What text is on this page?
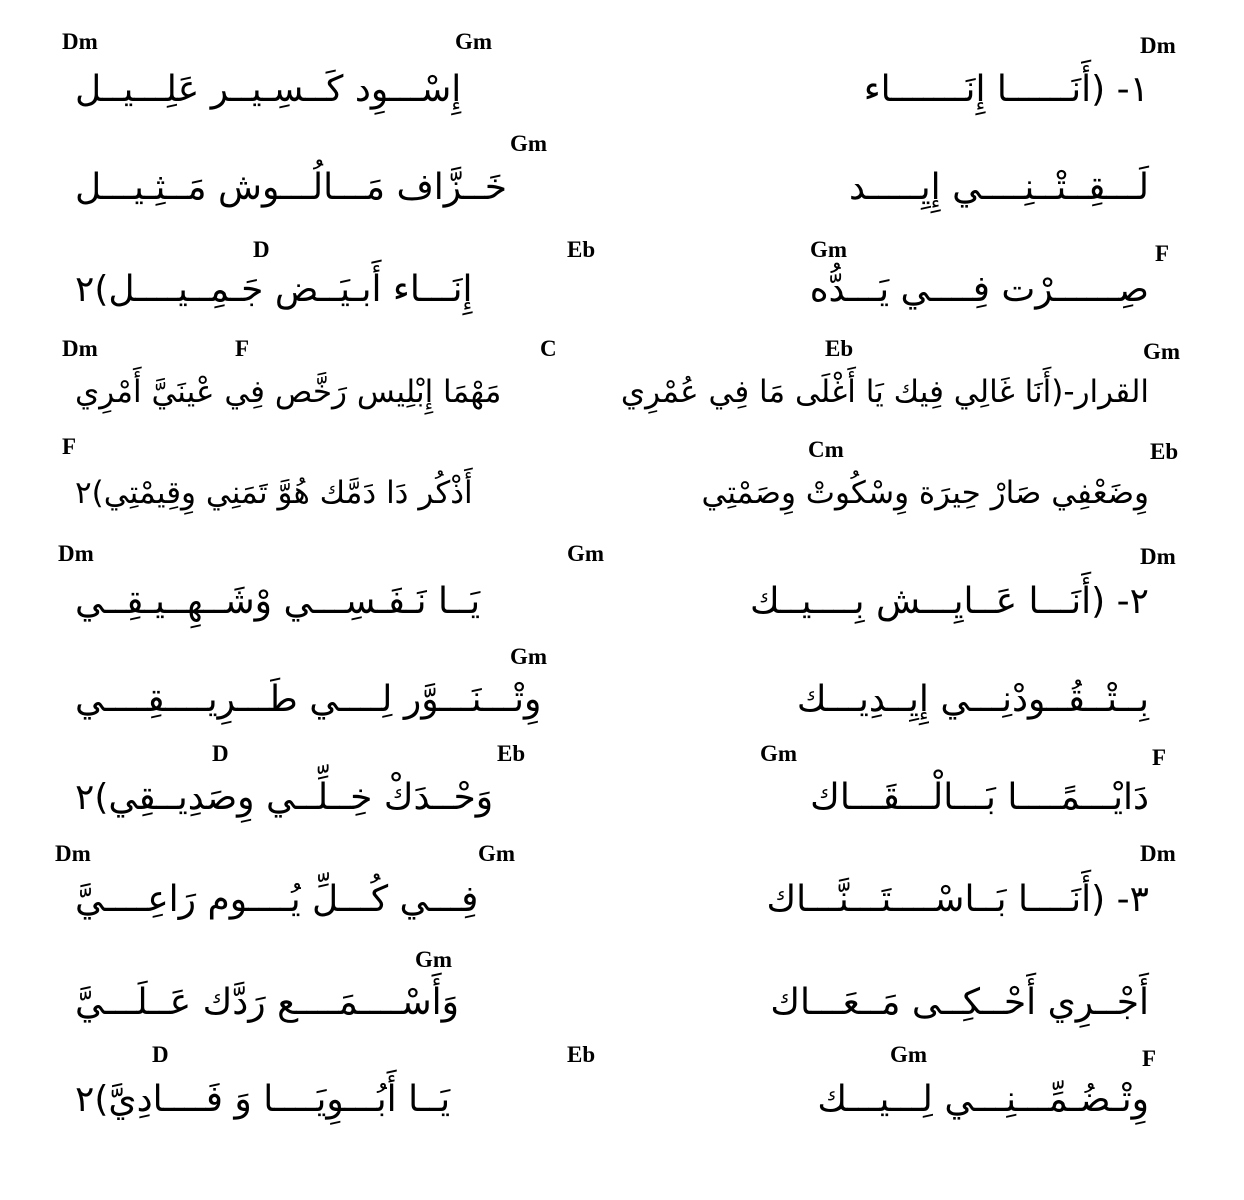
Dm	Gm	Dm
١- (أَنَــــــا إِنَـــــــاء
إِسْـــوِد كَــسِـيــر عَلِـــيــل
Gm
لَـــقِــتْــنِــــي إِيِـــــد
خَــزَّاف مَـــالُـــوش مَــثِـيـــل
D	Eb	Gm	F
صِــــــرْت فِــــي يَـــدُّه
إِنَـــاء أَبـيَــض جَـمِــيــــل)٢
Dm	F	C	Eb	Gm
القرار-(أَنَا غَالِي فِيك يَا أَغْلَى مَا فِي عُمْرِي
مَهْمَا إِبْلِيس رَخَّص فِي عْينَيَّ أَمْرِي
F	Cm	Eb
وِضَعْفِي صَارْ حِيرَة وِسْكُوتْ وِصَمْتِي
أَذْكُر دَا دَمَّك هُوَّ تَمَنِي وِقِيمْتِي)٢
Dm	Gm	Dm
٢- (أَنَـــا عَــايِـــش بِــــيــك
يَــا نَـفَـسِـــي وْشَــهِــيـقِــي
Gm
بِــتْــقُــودْنِـــي إِيِــدِيـــك
وِتْـــنَـــوَّر لِــــي طَـــرِيــــقِــــي
D	Eb	Gm	F
دَايْـــمًــــا بَـــالْـــقَـــاك
وَحْــدَكْ خِــلِّــي وِصَدِيــقِي)٢
Dm	Gm	Dm
٣- (أَنَــــا بَــاسْــــتَـــنَّـــاك
فِـــي كُـــلِّ يُــــوم رَاعِــــيَّ
Gm
أَجْــرِي أَحْــكِــى مَــعَـــاك
وَأَسْــــمَــــع رَدَّك عَــلَـــيَّ
D	Eb	Gm	F
وِتْـضُـمِّـــنِـــي لِـــيـــك
يَــا أَبُـــوِيَــــا وَ فَــــادِيَّ)٢
